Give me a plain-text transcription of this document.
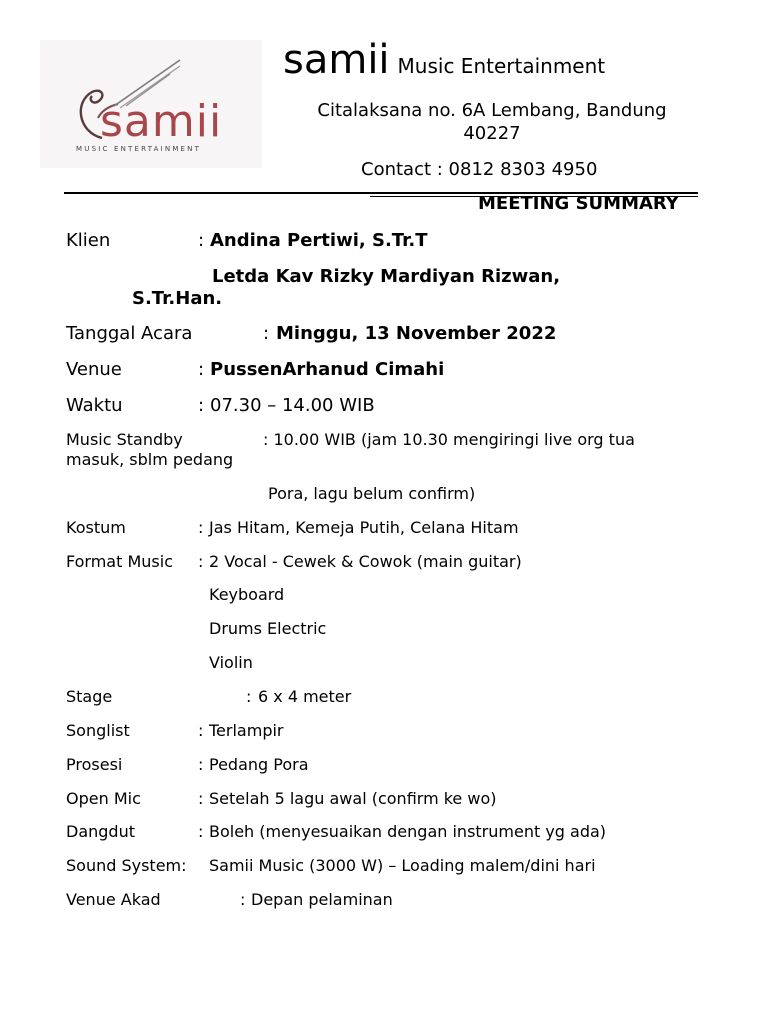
samii
MUSIC ENTERTAINMENT
samii Music Entertainment
Citalaksana no. 6A Lembang, Bandung
40227
Contact : 0812 8303 4950
MEETING SUMMARY
Klien	: Andina Pertiwi, S.Tr.T
Letda Kav Rizky Mardiyan Rizwan,
S.Tr.Han.
Tanggal Acara	: Minggu, 13 November 2022
Venue	: PussenArhanud Cimahi
Waktu	: 07.30 – 14.00 WIB
Music Standby	: 10.00 WIB (jam 10.30 mengiringi live org tua
masuk, sblm pedang
Pora, lagu belum confirm)
Kostum	: Jas Hitam, Kemeja Putih, Celana Hitam
Format Music : 2 Vocal - Cewek & Cowok (main guitar)
Keyboard
Drums Electric
Violin
Stage	: 6 x 4 meter
Songlist	: Terlampir
Prosesi	: Pedang Pora
Open Mic	: Setelah 5 lagu awal (confirm ke wo)
Dangdut	: Boleh (menyesuaikan dengan instrument yg ada)
Sound System: Samii Music (3000 W) – Loading malem/dini hari
Venue Akad	: Depan pelaminan
